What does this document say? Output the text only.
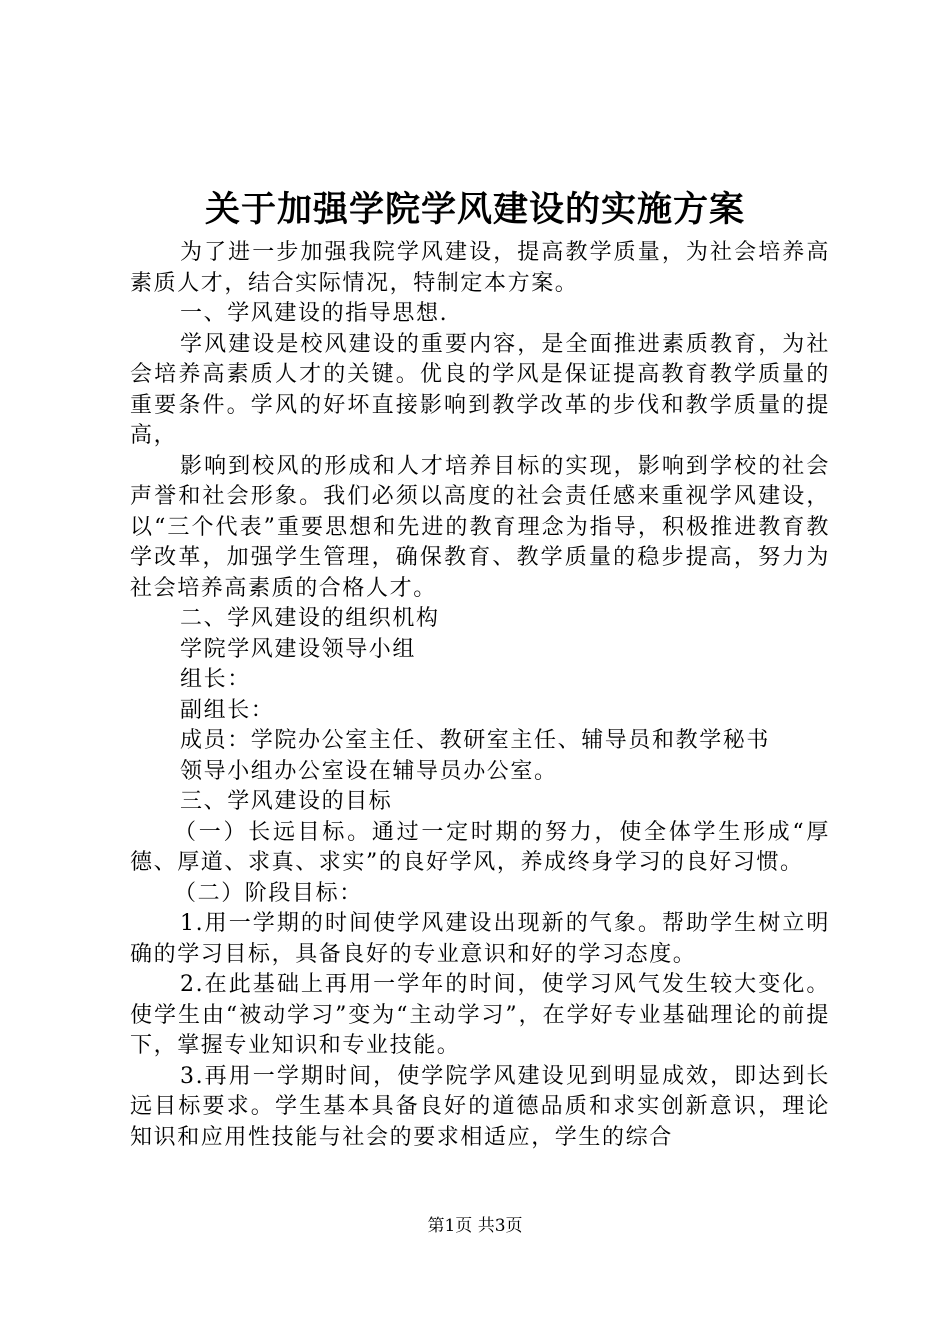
关于加强学院学风建设的实施方案

为了进一步加强我院学风建设，提高教学质量，为社会培养高素质人才，结合实际情况，特制定本方案。

一、学风建设的指导思想.

学风建设是校风建设的重要内容，是全面推进素质教育，为社会培养高素质人才的关键。优良的学风是保证提高教育教学质量的重要条件。学风的好坏直接影响到教学改革的步伐和教学质量的提高，

影响到校风的形成和人才培养目标的实现，影响到学校的社会声誉和社会形象。我们必须以高度的社会责任感来重视学风建设，以“三个代表”重要思想和先进的教育理念为指导，积极推进教育教学改革，加强学生管理，确保教育、教学质量的稳步提高，努力为社会培养高素质的合格人才。

二、学风建设的组织机构

学院学风建设领导小组

组长：

副组长：

成员：学院办公室主任、教研室主任、辅导员和教学秘书

领导小组办公室设在辅导员办公室。

三、学风建设的目标

（一）长远目标。通过一定时期的努力，使全体学生形成“厚德、厚道、求真、求实”的良好学风，养成终身学习的良好习惯。

（二）阶段目标：

1.用一学期的时间使学风建设出现新的气象。帮助学生树立明确的学习目标，具备良好的专业意识和好的学习态度。

2.在此基础上再用一学年的时间，使学习风气发生较大变化。使学生由“被动学习”变为“主动学习”，在学好专业基础理论的前提下，掌握专业知识和专业技能。

3.再用一学期时间，使学院学风建设见到明显成效，即达到长远目标要求。学生基本具备良好的道德品质和求实创新意识，理论知识和应用性技能与社会的要求相适应，学生的综合

第1页 共3页
